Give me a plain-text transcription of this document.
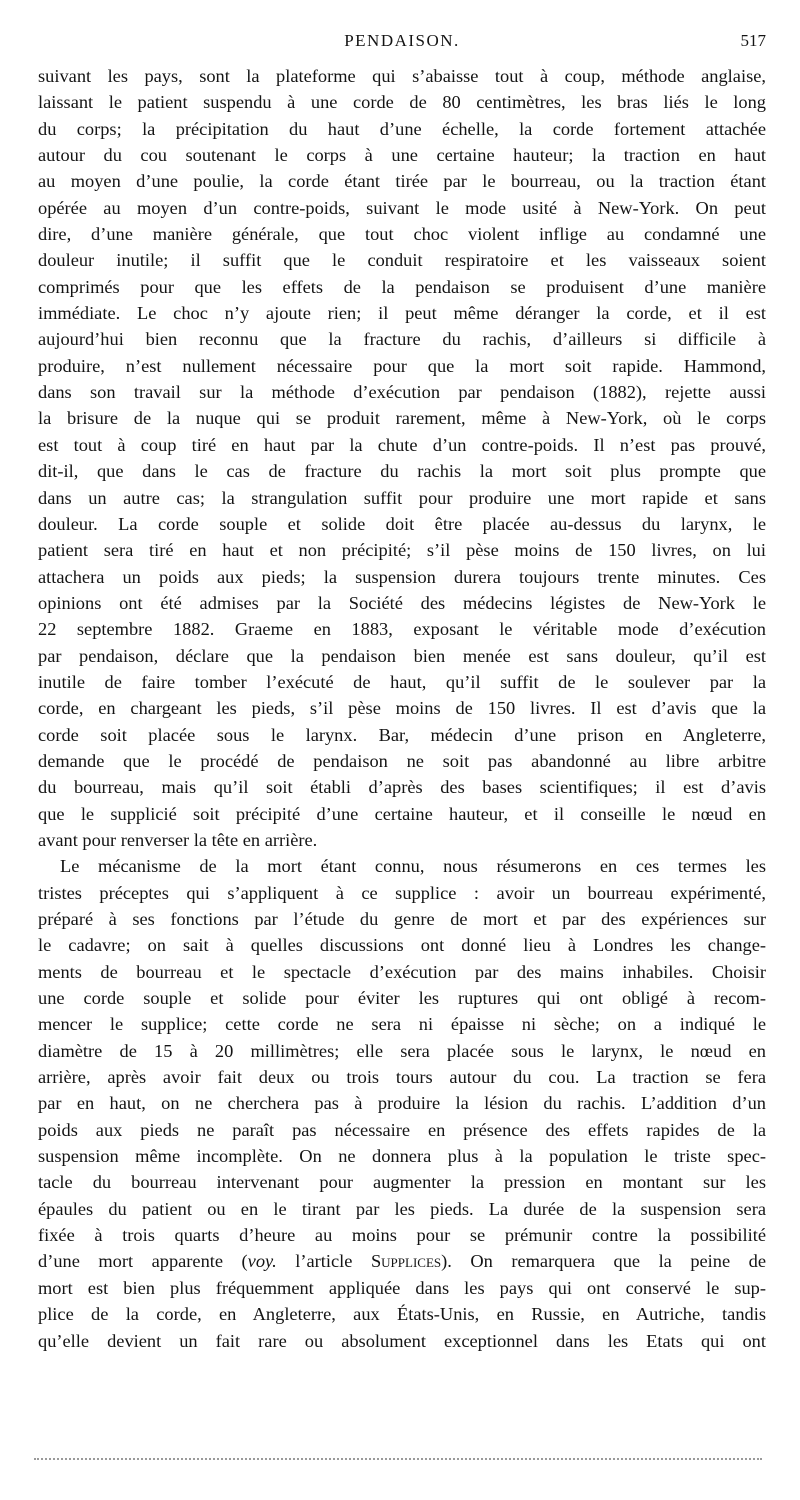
PENDAISON.	517
suivant les pays, sont la plateforme qui s’abaisse tout à coup, méthode anglaise,
laissant le patient suspendu à une corde de 80 centimètres, les bras liés le long
du corps; la précipitation du haut d’une échelle, la corde fortement attachée
autour du cou soutenant le corps à une certaine hauteur; la traction en haut
au moyen d’une poulie, la corde étant tirée par le bourreau, ou la traction étant
opérée au moyen d’un contre-poids, suivant le mode usité à New-York. On peut
dire, d’une manière générale, que tout choc violent inflige au condamné une
douleur inutile; il suffit que le conduit respiratoire et les vaisseaux soient
comprimés pour que les effets de la pendaison se produisent d’une manière
immédiate. Le choc n’y ajoute rien; il peut même déranger la corde, et il est
aujourd’hui bien reconnu que la fracture du rachis, d’ailleurs si difficile à
produire, n’est nullement nécessaire pour que la mort soit rapide. Hammond,
dans son travail sur la méthode d’exécution par pendaison (1882), rejette aussi
la brisure de la nuque qui se produit rarement, même à New-York, où le corps
est tout à coup tiré en haut par la chute d’un contre-poids. Il n’est pas prouvé,
dit-il, que dans le cas de fracture du rachis la mort soit plus prompte que
dans un autre cas; la strangulation suffit pour produire une mort rapide et sans
douleur. La corde souple et solide doit être placée au-dessus du larynx, le
patient sera tiré en haut et non précipité; s’il pèse moins de 150 livres, on lui
attachera un poids aux pieds; la suspension durera toujours trente minutes. Ces
opinions ont été admises par la Société des médecins légistes de New-York le
22 septembre 1882. Graeme en 1883, exposant le véritable mode d’exécution
par pendaison, déclare que la pendaison bien menée est sans douleur, qu’il est
inutile de faire tomber l’exécuté de haut, qu’il suffit de le soulever par la
corde, en chargeant les pieds, s’il pèse moins de 150 livres. Il est d’avis que la
corde soit placée sous le larynx. Bar, médecin d’une prison en Angleterre,
demande que le procédé de pendaison ne soit pas abandonné au libre arbitre
du bourreau, mais qu’il soit établi d’après des bases scientifiques; il est d’avis
que le supplicié soit précipité d’une certaine hauteur, et il conseille le nœud en
avant pour renverser la tête en arrière.
Le mécanisme de la mort étant connu, nous résumerons en ces termes les
tristes préceptes qui s’appliquent à ce supplice : avoir un bourreau expérimenté,
préparé à ses fonctions par l’étude du genre de mort et par des expériences sur
le cadavre; on sait à quelles discussions ont donné lieu à Londres les change-
ments de bourreau et le spectacle d’exécution par des mains inhabiles. Choisir
une corde souple et solide pour éviter les ruptures qui ont obligé à recom-
mencer le supplice; cette corde ne sera ni épaisse ni sèche; on a indiqué le
diamètre de 15 à 20 millimètres; elle sera placée sous le larynx, le nœud en
arrière, après avoir fait deux ou trois tours autour du cou. La traction se fera
par en haut, on ne cherchera pas à produire la lésion du rachis. L’addition d’un
poids aux pieds ne paraît pas nécessaire en présence des effets rapides de la
suspension même incomplète. On ne donnera plus à la population le triste spec-
tacle du bourreau intervenant pour augmenter la pression en montant sur les
épaules du patient ou en le tirant par les pieds. La durée de la suspension sera
fixée à trois quarts d’heure au moins pour se prémunir contre la possibilité
d’une mort apparente (voy. l’article Supplices). On remarquera que la peine de
mort est bien plus fréquemment appliquée dans les pays qui ont conservé le sup-
plice de la corde, en Angleterre, aux États-Unis, en Russie, en Autriche, tandis
qu’elle devient un fait rare ou absolument exceptionnel dans les Etats qui ont
